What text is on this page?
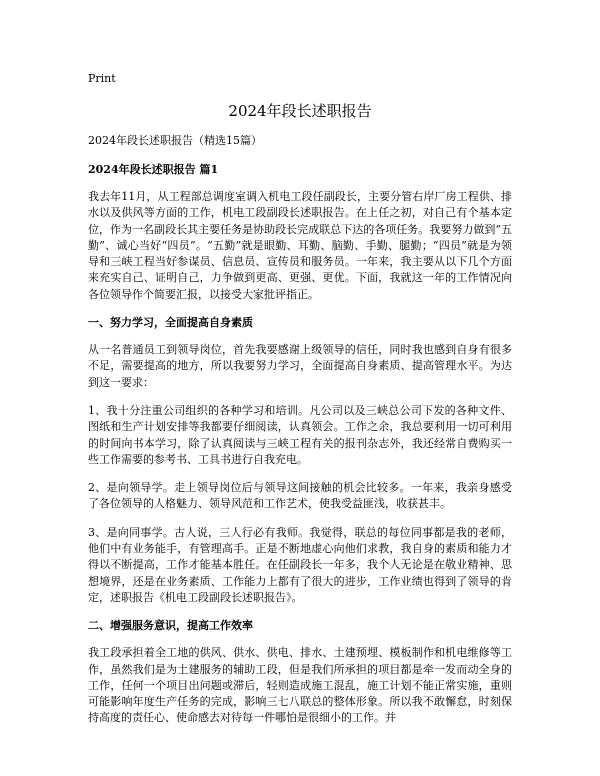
Print
2024年段长述职报告

2024年段长述职报告（精选15篇）

2024年段长述职报告 篇1

我去年11月，从工程部总调度室调入机电工段任副段长，主要分管右岸厂房工程供、排水以及供风等方面的工作，机电工段副段长述职报告。在上任之初，对自己有个基本定位，作为一名副段长其主要任务是协助段长完成联总下达的各项任务。我要努力做到“五勤”、诚心当好“四员”。“五勤”就是眼勤、耳勤、脑勤、手勤、腿勤；“四员”就是为领导和三峡工程当好参谋员、信息员、宣传员和服务员。一年来，我主要从以下几个方面来充实自己、证明自己，力争做到更高、更强、更优。下面，我就这一年的工作情况向各位领导作个简要汇报，以接受大家批评指正。

一、努力学习，全面提高自身素质

从一名普通员工到领导岗位，首先我要感谢上级领导的信任，同时我也感到自身有很多不足，需要提高的地方，所以我要努力学习，全面提高自身素质、提高管理水平。为达到这一要求：

1、我十分注重公司组织的各种学习和培训。凡公司以及三峡总公司下发的各种文件、图纸和生产计划安排等我都要仔细阅读，认真领会。工作之余，我总要利用一切可利用的时间向书本学习，除了认真阅读与三峡工程有关的报刊杂志外，我还经常自费购买一些工作需要的参考书、工具书进行自我充电。

2、是向领导学。走上领导岗位后与领导这间接触的机会比较多。一年来，我亲身感受了各位领导的人格魅力、领导风范和工作艺术，使我受益匪浅，收获甚丰。

3、是向同事学。古人说，三人行必有我师。我觉得，联总的每位同事都是我的老师，他们中有业务能手，有管理高手。正是不断地虚心向他们求教，我自身的素质和能力才得以不断提高，工作才能基本胜任。在任副段长一年多，我个人无论是在敬业精神、思想境界，还是在业务素质、工作能力上都有了很大的进步，工作业绩也得到了领导的肯定，述职报告《机电工段副段长述职报告》。

二、增强服务意识，提高工作效率

我工段承担着全工地的供风、供水、供电、排水、土建预埋、模板制作和机电维修等工作，虽然我们是为土建服务的辅助工段，但是我们所承担的项目都是牵一发而动全身的工作，任何一个项目出问题或滞后，轻则造成施工混乱，施工计划不能正常实施，重则可能影响年度生产任务的完成，影响三七八联总的整体形象。所以我不敢懈怠，时刻保持高度的责任心、使命感去对待每一件哪怕是很细小的工作。并
